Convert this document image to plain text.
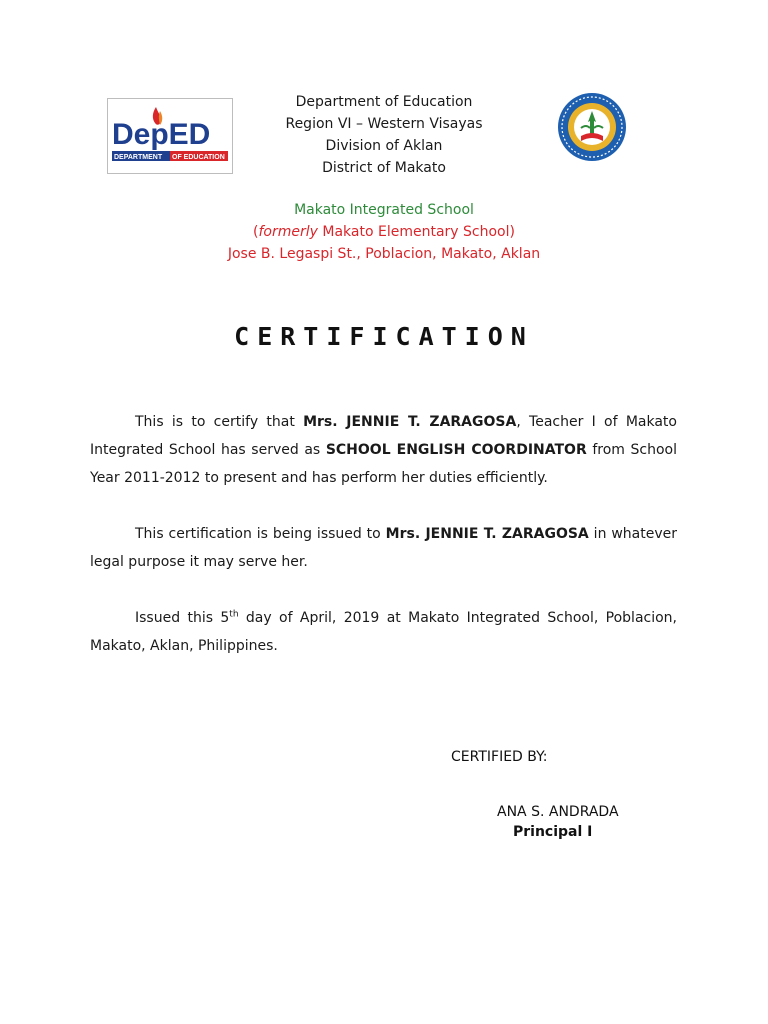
DepED
DEPARTMENT OF EDUCATION
Department of Education
Region VI – Western Visayas
Division of Aklan
District of Makato
Makato Integrated School
(formerly Makato Elementary School)
Jose B. Legaspi St., Poblacion, Makato, Aklan
CERTIFICATION
This is to certify that Mrs. JENNIE T. ZARAGOSA, Teacher I of Makato Integrated School has served as SCHOOL ENGLISH COORDINATOR from School Year 2011-2012 to present and has perform her duties efficiently.
This certification is being issued to Mrs. JENNIE T. ZARAGOSA in whatever legal purpose it may serve her.
Issued this 5th day of April, 2019 at Makato Integrated School, Poblacion, Makato, Aklan, Philippines.
CERTIFIED BY:
ANA S. ANDRADA
Principal I
